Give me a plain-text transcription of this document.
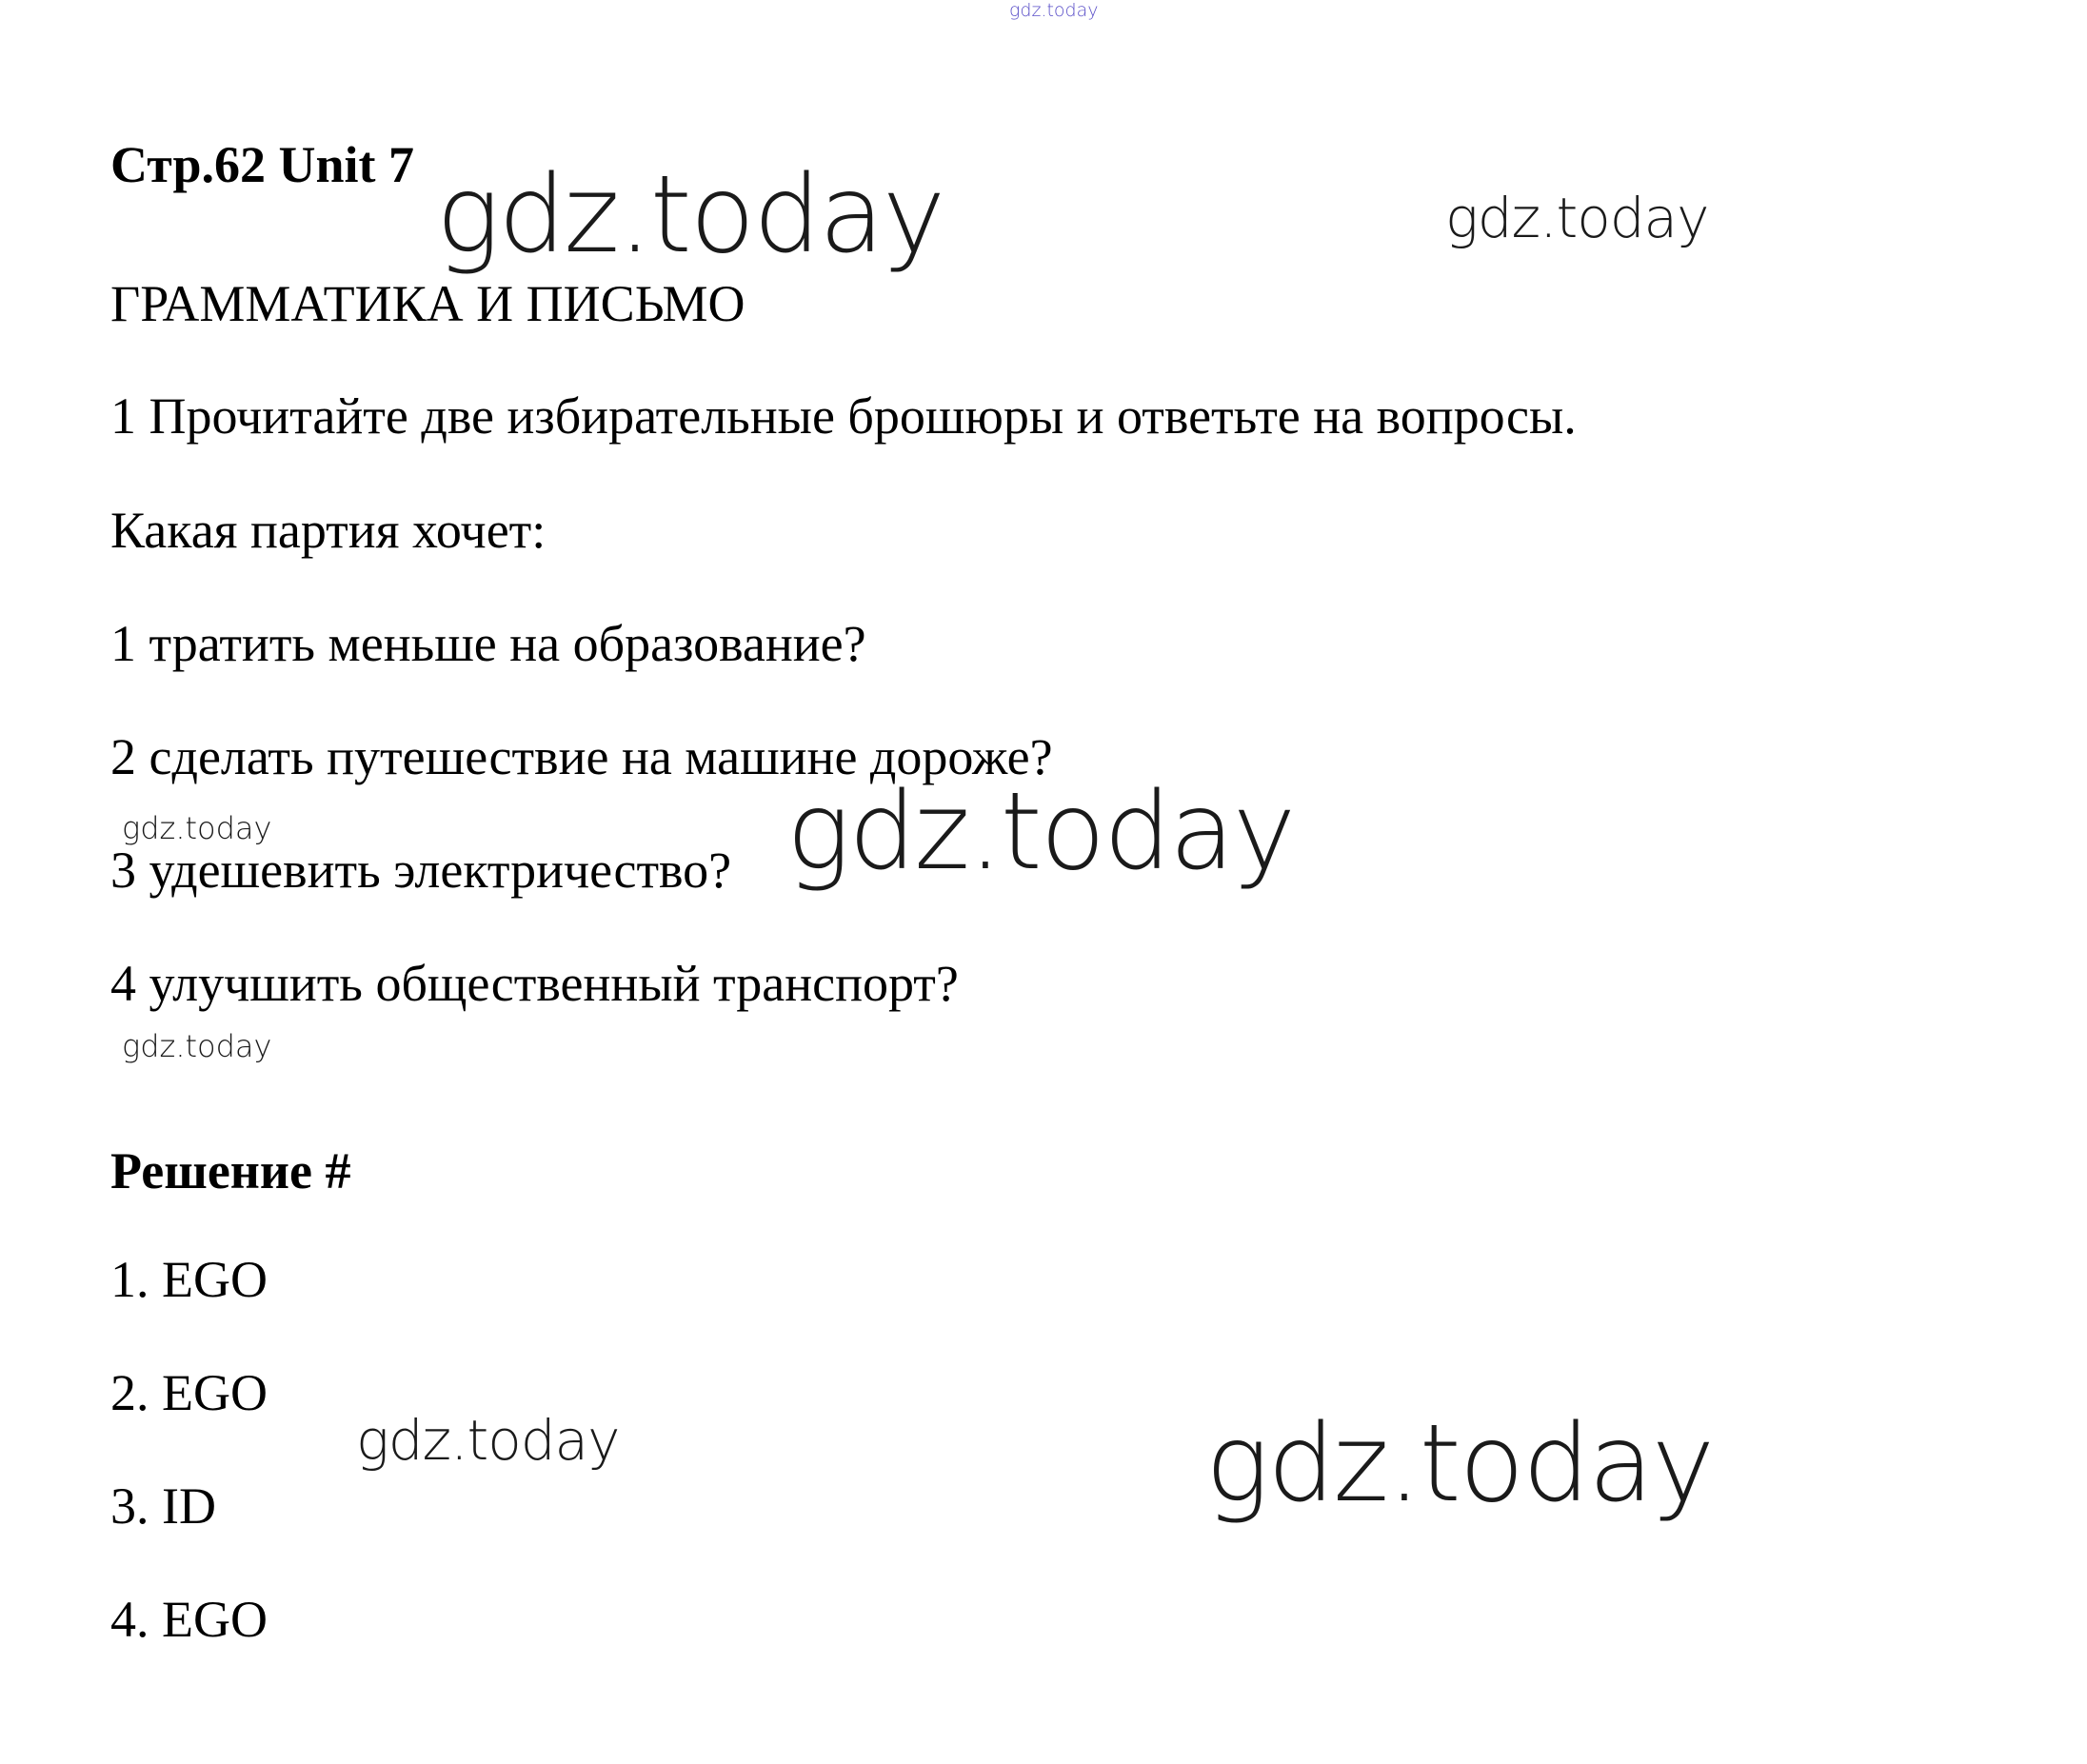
gdz.today
Стр.62 Unit 7
ГРАММАТИКА И ПИСЬМО
1 Прочитайте две избирательные брошюры и ответьте на вопросы.
Какая партия хочет:
1 тратить меньше на образование?
2 сделать путешествие на машине дороже?
3 удешевить электричество?
4 улучшить общественный транспорт?
Решение #
1. EGO
2. EGO
3. ID
4. EGO
gdz.today	gdz.today
gdz.today	gdz.today
gdz.today
gdz.today	gdz.today
